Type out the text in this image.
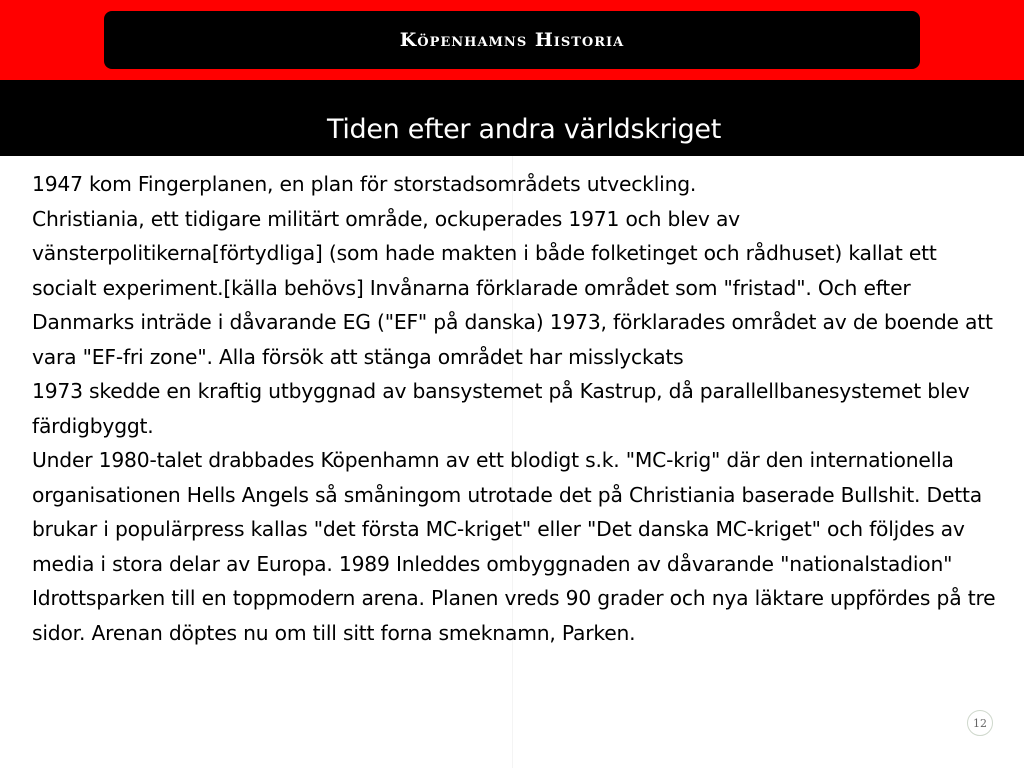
Köpenhamns Historia
Tiden efter andra världskriget

1947 kom Fingerplanen, en plan för storstadsområdets utveckling.

Christiania, ett tidigare militärt område, ockuperades 1971 och blev av vänsterpolitikerna[förtydliga] (som hade makten i både folketinget och rådhuset) kallat ett socialt experiment.[källa behövs] Invånarna förklarade området som "fristad". Och efter Danmarks inträde i dåvarande EG ("EF" på danska) 1973, förklarades området av de boende att vara "EF-fri zone". Alla försök att stänga området har misslyckats

1973 skedde en kraftig utbyggnad av bansystemet på Kastrup, då parallellbanesystemet blev färdigbyggt.

Under 1980-talet drabbades Köpenhamn av ett blodigt s.k. "MC-krig" där den internationella organisationen Hells Angels så småningom utrotade det på Christiania baserade Bullshit. Detta brukar i populärpress kallas "det första MC-kriget" eller "Det danska MC-kriget" och följdes av media i stora delar av Europa. 1989 Inleddes ombyggnaden av dåvarande "nationalstadion" Idrottsparken till en toppmodern arena. Planen vreds 90 grader och nya läktare uppfördes på tre sidor. Arenan döptes nu om till sitt forna smeknamn, Parken.

12
